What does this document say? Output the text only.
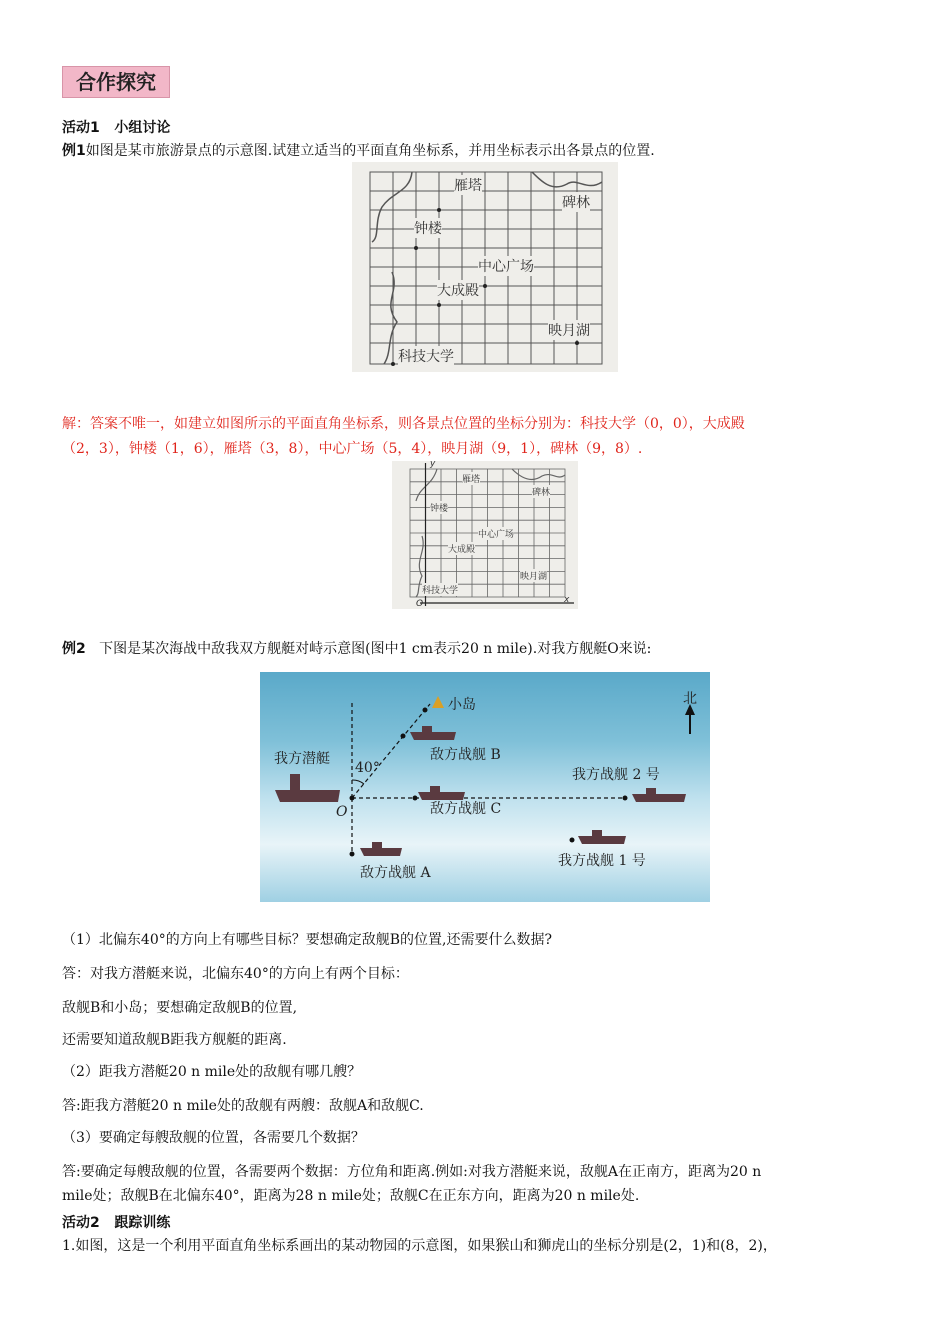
合作探究
活动1 小组讨论
例1如图是某市旅游景点的示意图.试建立适当的平面直角坐标系，并用坐标表示出各景点的位置.
雁塔
碑林
钟楼
中心广场
大成殿
映月湖
科技大学
解：答案不唯一，如建立如图所示的平面直角坐标系，则各景点位置的坐标分别为：科技大学（0，0），大成殿
（2，3），钟楼（1，6），雁塔（3，8），中心广场（5，4），映月湖（9，1），碑林（9，8）.
y
x
O
雁塔
碑林
钟楼
中心广场
大成殿
映月湖
科技大学
例2 下图是某次海战中敌我双方舰艇对峙示意图(图中1 cm表示20 n mile).对我方舰艇O来说:
小岛	北
我方潜艇	敌方战舰 B
40°	我方战舰 2 号
敌方战舰 C
O
我方战舰 1 号
敌方战舰 A
（1）北偏东40°的方向上有哪些目标？要想确定敌舰B的位置,还需要什么数据?
答：对我方潜艇来说，北偏东40°的方向上有两个目标：
敌舰B和小岛；要想确定敌舰B的位置,
还需要知道敌舰B距我方舰艇的距离.
（2）距我方潜艇20 n mile处的敌舰有哪几艘？
答:距我方潜艇20 n mile处的敌舰有两艘：敌舰A和敌舰C.
（3）要确定每艘敌舰的位置，各需要几个数据？
答:要确定每艘敌舰的位置，各需要两个数据：方位角和距离.例如:对我方潜艇来说，敌舰A在正南方，距离为20 n
mile处；敌舰B在北偏东40°，距离为28 n mile处；敌舰C在正东方向，距离为20 n mile处.
活动2 跟踪训练
1.如图，这是一个利用平面直角坐标系画出的某动物园的示意图，如果猴山和狮虎山的坐标分别是(2，1)和(8，2)，
